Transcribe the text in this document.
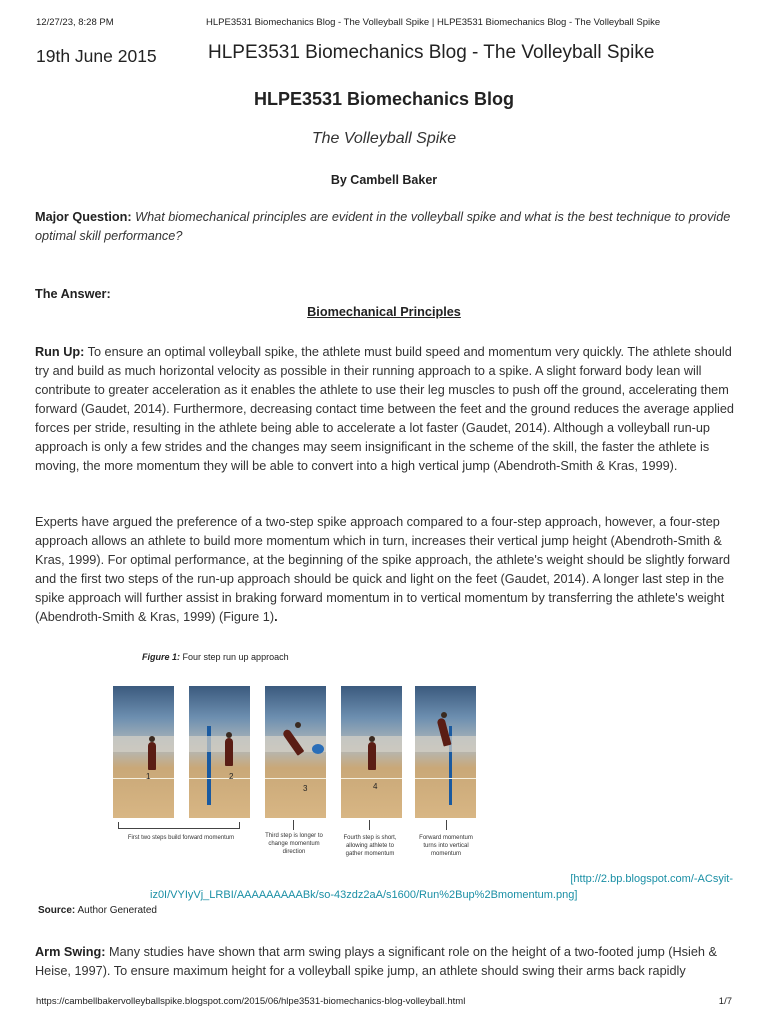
12/27/23, 8:28 PM	HLPE3531 Biomechanics Blog - The Volleyball Spike | HLPE3531 Biomechanics Blog - The Volleyball Spike
19th June 2015	HLPE3531 Biomechanics Blog - The Volleyball Spike
HLPE3531 Biomechanics Blog
The Volleyball Spike
By Cambell Baker
Major Question: What biomechanical principles are evident in the volleyball spike and what is the best technique to provide optimal skill performance?
The Answer:
Biomechanical Principles
Run Up: To ensure an optimal volleyball spike, the athlete must build speed and momentum very quickly. The athlete should try and build as much horizontal velocity as possible in their running approach to a spike. A slight forward body lean will contribute to greater acceleration as it enables the athlete to use their leg muscles to push off the ground, accelerating them forward (Gaudet, 2014). Furthermore, decreasing contact time between the feet and the ground reduces the average applied forces per stride, resulting in the athlete being able to accelerate a lot faster (Gaudet, 2014). Although a volleyball run-up approach is only a few strides and the changes may seem insignificant in the scheme of the skill, the faster the athlete is moving, the more momentum they will be able to convert into a high vertical jump (Abendroth-Smith & Kras, 1999).
Experts have argued the preference of a two-step spike approach compared to a four-step approach, however, a four-step approach allows an athlete to build more momentum which in turn, increases their vertical jump height (Abendroth-Smith & Kras, 1999). For optimal performance, at the beginning of the spike approach, the athlete's weight should be slightly forward and the first two steps of the run-up approach should be quick and light on the feet (Gaudet, 2014). A longer last step in the spike approach will further assist in braking forward momentum in to vertical momentum by transferring the athlete's weight (Abendroth-Smith & Kras, 1999) (Figure 1).
Figure 1: Four step run up approach
1	2
3	4
First two steps build forward momentum	Third step is longer to change momentum direction
Fourth step is short, allowing athlete to gather momentum
Forward momentum turns into vertical momentum
[http://2.bp.blogspot.com/-ACsyit-
iz0I/VYIyVj_LRBI/AAAAAAAAABk/so-43zdz2aA/s1600/Run%2Bup%2Bmomentum.png]
Source: Author Generated
Arm Swing: Many studies have shown that arm swing plays a significant role on the height of a two-footed jump (Hsieh & Heise, 1997). To ensure maximum height for a volleyball spike jump, an athlete should swing their arms back rapidly
https://cambellbakervolleyballspike.blogspot.com/2015/06/hlpe3531-biomechanics-blog-volleyball.html	1/7
